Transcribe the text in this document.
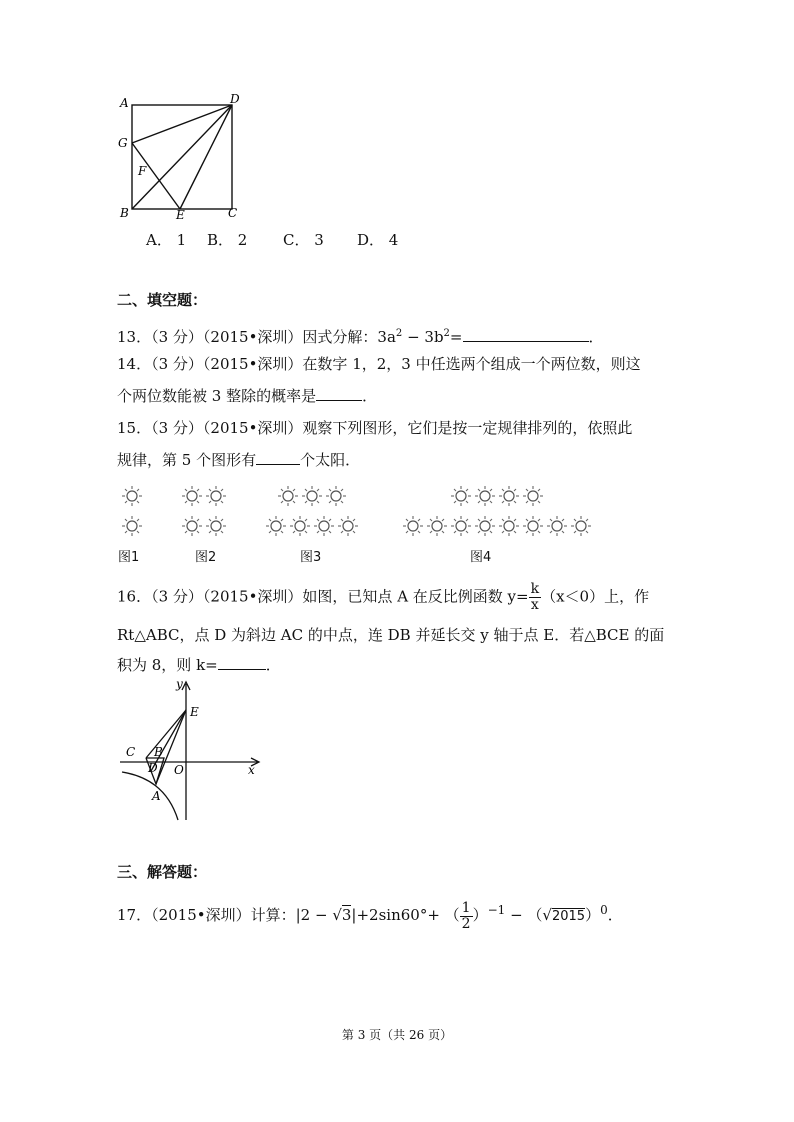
A	D
G
F
B	E	C
A． 1 B． 2 C． 3 D． 4
二、填空题：
13．（3 分）（2015•深圳）因式分解：$3a^2 - 3b^2=$	．
14．（3 分）（2015•深圳）在数字 1，2，3 中任选两个组成一个两位数，则这
个两位数能被 3 整除的概率是	．
15．（3 分）（2015•深圳）观察下列图形，它们是按一定规律排列的，依照此
规律，第 5 个图形有	个太阳．
图1	图2	图3	图4
16．（3 分）（2015•深圳）如图，已知点 A 在反比例函数 $y= \frac{k}{x} (x<0)$上，作
Rt△ABC，点 D 为斜边 AC 的中点，连 DB 并延长交 y 轴于点 E．若△BCE 的面
积为 8，则 k=	．
y
x
E
C B
D O
A
三、解答题：
17．（2015•深圳）计算：|2 − √3|+2sin60°+ （ $\frac{1}{2} )^{-1} - (√2015)^0$．
第 3 页（共 26 页）
